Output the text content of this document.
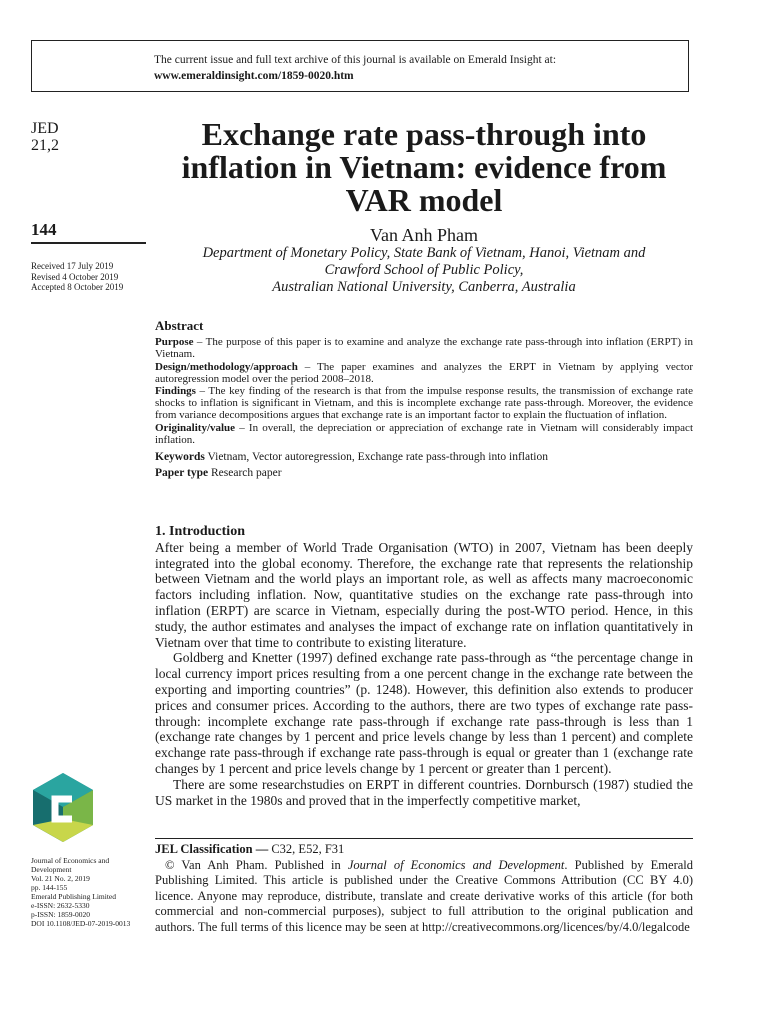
The current issue and full text archive of this journal is available on Emerald Insight at:
www.emeraldinsight.com/1859-0020.htm
JED
21,2
144
Received 17 July 2019
Revised 4 October 2019
Accepted 8 October 2019
Exchange rate pass-through into inflation in Vietnam: evidence from VAR model
Van Anh Pham
Department of Monetary Policy, State Bank of Vietnam, Hanoi, Vietnam and
Crawford School of Public Policy,
Australian National University, Canberra, Australia
Abstract

Purpose – The purpose of this paper is to examine and analyze the exchange rate pass-through into inflation (ERPT) in Vietnam.

Design/methodology/approach – The paper examines and analyzes the ERPT in Vietnam by applying vector autoregression model over the period 2008–2018.

Findings – The key finding of the research is that from the impulse response results, the transmission of exchange rate shocks to inflation is significant in Vietnam, and this is incomplete exchange rate pass-through. Moreover, the evidence from variance decompositions argues that exchange rate is an important factor to explain the fluctuation of inflation.

Originality/value – In overall, the depreciation or appreciation of exchange rate in Vietnam will considerably impact inflation.

Keywords Vietnam, Vector autoregression, Exchange rate pass-through into inflation

Paper type Research paper

1. Introduction

After being a member of World Trade Organisation (WTO) in 2007, Vietnam has been deeply integrated into the global economy. Therefore, the exchange rate that represents the relationship between Vietnam and the world plays an important role, as well as affects many macroeconomic factors including inflation. Now, quantitative studies on the exchange rate pass-through into inflation (ERPT) are scarce in Vietnam, especially during the post-WTO period. Hence, in this study, the author estimates and analyses the impact of exchange rate on inflation quantitatively in Vietnam over that time to contribute to existing literature.

Goldberg and Knetter (1997) defined exchange rate pass-through as “the percentage change in local currency import prices resulting from a one percent change in the exchange rate between the exporting and importing countries” (p. 1248). However, this definition also extends to producer prices and consumer prices. According to the authors, there are two types of exchange rate pass-through: incomplete exchange rate pass-through if exchange rate pass-through is less than 1 (exchange rate changes by 1 percent and price levels change by less than 1 percent) and complete exchange rate pass-through if exchange rate pass-through is equal or greater than 1 (exchange rate changes by 1 percent and price levels change by 1 percent or greater than 1 percent).

There are some researchstudies on ERPT in different countries. Dornbursch (1987) studied the US market in the 1980s and proved that in the imperfectly competitive market,

JEL Classification — C32, E52, F31

© Van Anh Pham. Published in Journal of Economics and Development. Published by Emerald Publishing Limited. This article is published under the Creative Commons Attribution (CC BY 4.0) licence. Anyone may reproduce, distribute, translate and create derivative works of this article (for both commercial and non-commercial purposes), subject to full attribution to the original publication and authors. The full terms of this licence may be seen at http://creativecommons.org/licences/by/4.0/legalcode

Journal of Economics and Development
Vol. 21 No. 2, 2019
pp. 144-155
Emerald Publishing Limited
e-ISSN: 2632-5330
p-ISSN: 1859-0020
DOI 10.1108/JED-07-2019-0013
